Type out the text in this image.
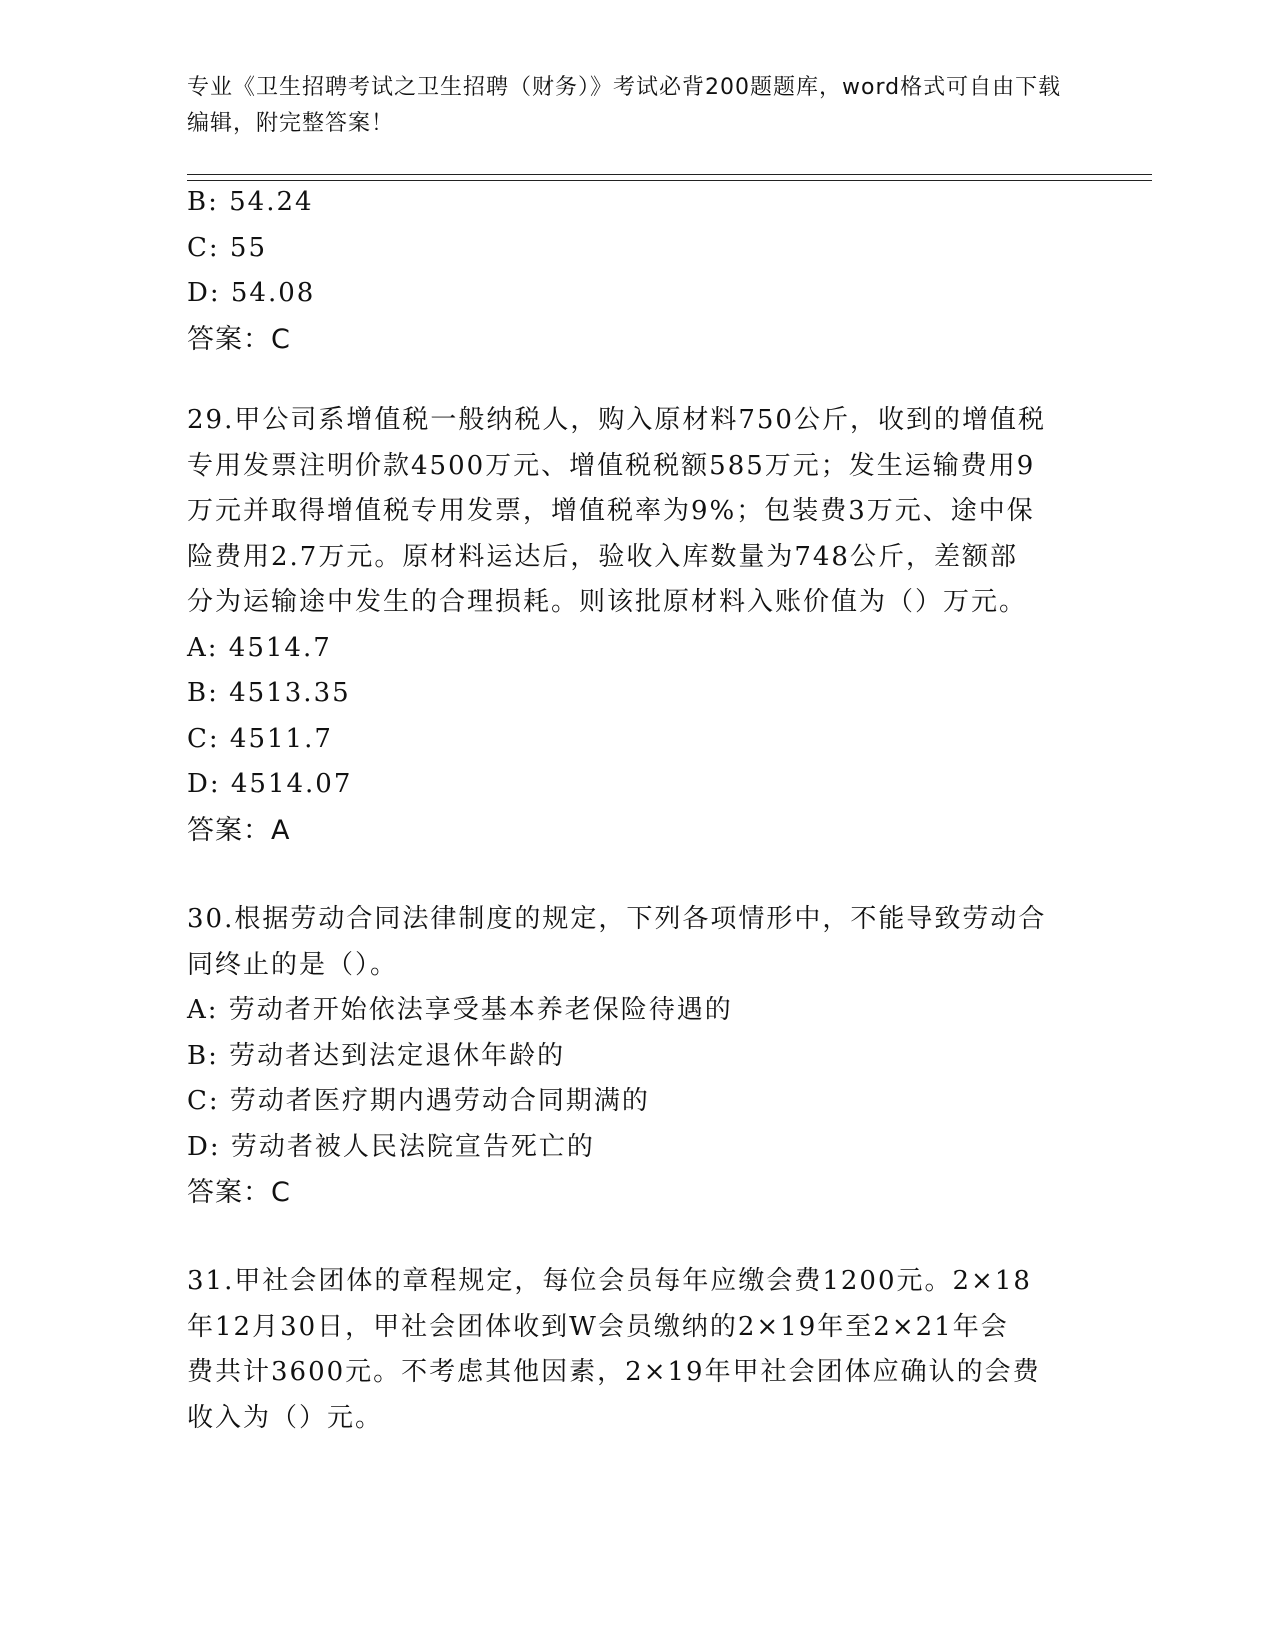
专业《卫生招聘考试之卫生招聘（财务）》考试必背200题题库，word格式可自由下载编辑，附完整答案！
B: 54.24
C: 55
D: 54.08
答案：C
29.甲公司系增值税一般纳税人，购入原材料750公斤，收到的增值税
专用发票注明价款4500万元、增值税税额585万元；发生运输费用9
万元并取得增值税专用发票，增值税率为9%；包装费3万元、途中保
险费用2.7万元。原材料运达后，验收入库数量为748公斤，差额部
分为运输途中发生的合理损耗。则该批原材料入账价值为（）万元。
A: 4514.7
B: 4513.35
C: 4511.7
D: 4514.07
答案：A
30.根据劳动合同法律制度的规定，下列各项情形中，不能导致劳动合
同终止的是（）。
A: 劳动者开始依法享受基本养老保险待遇的
B: 劳动者达到法定退休年龄的
C: 劳动者医疗期内遇劳动合同期满的
D: 劳动者被人民法院宣告死亡的
答案：C
31.甲社会团体的章程规定，每位会员每年应缴会费1200元。2×18
年12月30日，甲社会团体收到W会员缴纳的2×19年至2×21年会
费共计3600元。不考虑其他因素，2×19年甲社会团体应确认的会费
收入为（）元。
